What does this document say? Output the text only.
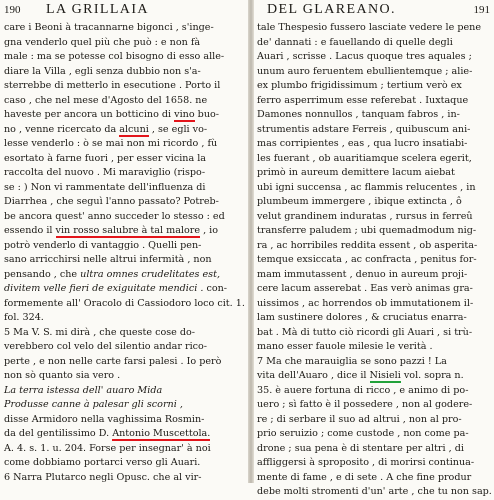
190 LA GRILLAIA
care i Beoni à tracannarne bigonci , s'inge-
gna venderlo quel più che può : e non fà
male : ma se potesse col bisogno di esso alle-
diare la Villa , egli senza dubbio non s'a-
sterrebbe di metterlo in esecutione . Porto il
caso , che nel mese d'Agosto del 1658. ne
haveste per ancora un botticino di vino buo-
no , venne ricercato da alcuni , se egli vo-
lesse venderlo : ò se mai non mi ricordo , fù
esortato à farne fuori , per esser vicina la
raccolta del nuovo . Mi maraviglio (rispo-
se : ) Non vi rammentate dell'influenza di
Diarrhea , che seguì l'anno passato? Potreb-
be ancora quest' anno succeder lo stesso : ed
essendo il vin rosso salubre à tal malore , io
potrò venderlo di vantaggio . Quelli pen-
sano arricchirsi nelle altrui infermità , non
pensando , che ultra omnes crudelitates est,
divitem velle fieri de exiguitate mendici . con-
formemente all' Oracolo di Cassiodoro loco cit. 1.
fol. 324.
5 Ma V. S. mi dirà , che queste cose do-
verebbero col velo del silentio andar rico-
perte , e non nelle carte farsi palesi . Io però
non sò quanto sia vero .
La terra istessa dell' auaro Mida
Produsse canne à palesar gli scorni ,
disse Armidoro nella vaghissima Rosmin-
da del gentilissimo D. Antonio Muscettola.
A. 4. s. 1. u. 204. Forse per insegnar' à noi
come dobbiamo portarci verso gli Auari.
6 Narra Plutarco negli Opusc. che al vir-
DEL GLAREANO.	191
tale Thespesio fussero lasciate vedere le pene
de' dannati : e fauellando di quelle degli
Auari , scrisse . Lacus quoque tres aquales ;
unum auro feruentem ebullientemque ; alie-
ex plumbo frigidissimum ; tertium verò ex
ferro asperrimum esse referebat . Iuxtaque
Damones nonnullos , tanquam fabros , in-
strumentis adstare Ferreis , quibuscum ani-
mas corripientes , eas , qua lucro insatiabi-
les fuerant , ob auaritiamque scelera egerit,
primò in aureum demittere lacum aiebat
ubi igni succensa , ac flammis relucentes , in
plumbeum immergere , ibique extincta , ô
velut grandinem induratas , rursus in ferreû
transferre paludem ; ubi quemadmodum nig-
ra , ac horribiles reddita essent , ob asperita-
temque exsiccata , ac confracta , penitus for-
mam immutassent , denuo in aureum proji-
cere lacum asserebat . Eas verò animas gra-
uissimos , ac horrendos ob immutationem il-
lam sustinere dolores , & cruciatus enarra-
bat . Mà di tutto ciò ricordi gli Auari , si trù-
mano esser fauole milesie le verità .
7 Ma che marauiglia se sono pazzi ! La
vita dell'Auaro , dice il Nisieli vol. sopra n.
35. è auere fortuna di ricco , e animo di po-
uero ; sì fatto è il possedere , non al godere-
re ; di serbare il suo ad altrui , non al pro-
prio seruizio ; come custode , non come pa-
drone ; sua pena è di stentare per altri , di
affliggersi à sproposito , di morirsi continua-
mente di fame , e di sete . A che fine produr
debe molti stromenti d'un' arte , che tu non sap.
